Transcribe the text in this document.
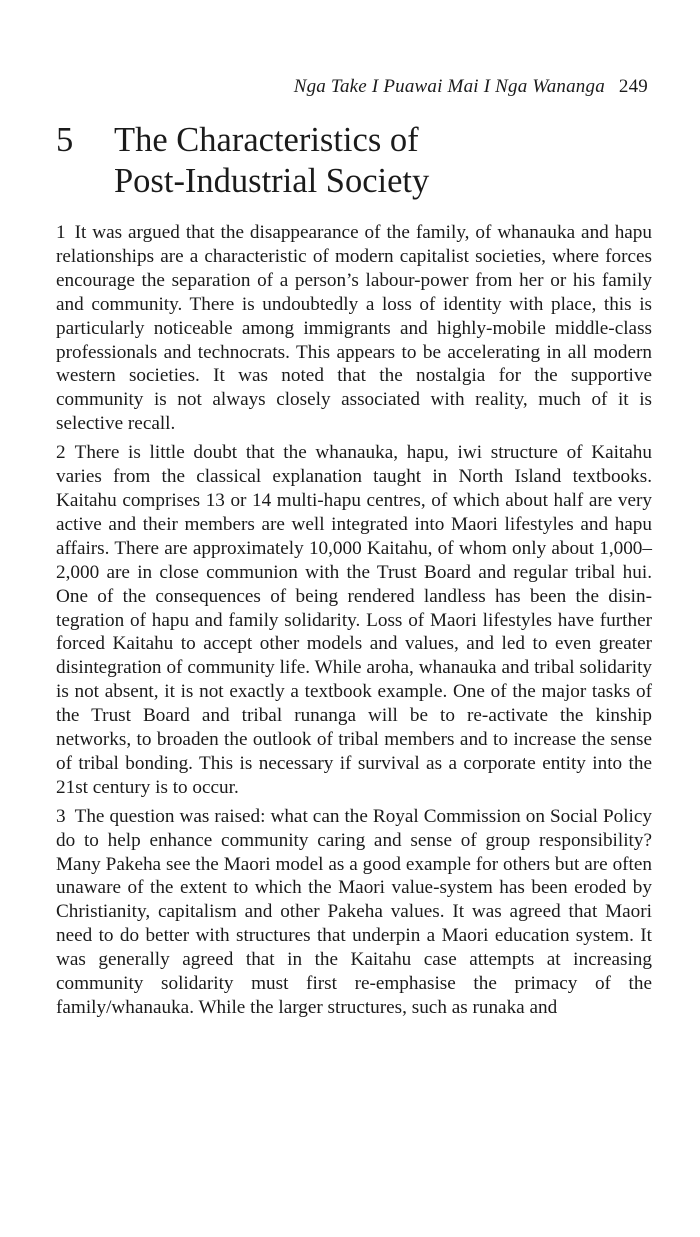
Nga Take I Puawai Mai I Nga Wananga 249
5 The Characteristics of
Post-Industrial Society

1 It was argued that the disappearance of the family, of whanauka and hapu relationships are a characteristic of modern capitalist societies, where forces encourage the separation of a person’s labour-power from her or his family and community. There is undoubtedly a loss of identity with place, this is particularly noticeable among immigrants and highly-mobile middle-class professionals and technocrats. This appears to be accelerating in all modern western societies. It was noted that the nostalgia for the supportive community is not always closely associated with reality, much of it is selective recall.

2 There is little doubt that the whanauka, hapu, iwi structure of Kaitahu varies from the classical explanation taught in North Island textbooks. Kaitahu comprises 13 or 14 multi-hapu centres, of which about half are very active and their members are well integrated into Maori lifestyles and hapu affairs. There are approximately 10,000 Kaitahu, of whom only about 1,000–2,000 are in close communion with the Trust Board and regular tribal hui. One of the consequences of being rendered landless has been the disintegration of hapu and family solidarity. Loss of Maori lifestyles have further forced Kaitahu to accept other models and values, and led to even greater disintegration of community life. While aroha, whanauka and tribal solidarity is not absent, it is not exactly a textbook example. One of the major tasks of the Trust Board and tribal runanga will be to re-activate the kinship networks, to broaden the outlook of tribal members and to increase the sense of tribal bonding. This is necessary if survival as a corporate entity into the 21st century is to occur.

3 The question was raised: what can the Royal Commission on Social Policy do to help enhance community caring and sense of group responsibility? Many Pakeha see the Maori model as a good example for others but are often unaware of the extent to which the Maori value-system has been eroded by Christianity, capitalism and other Pakeha values. It was agreed that Maori need to do better with structures that underpin a Maori education system. It was generally agreed that in the Kaitahu case attempts at increasing community solidarity must first re-emphasise the primacy of the family/whanauka. While the larger structures, such as runaka and
